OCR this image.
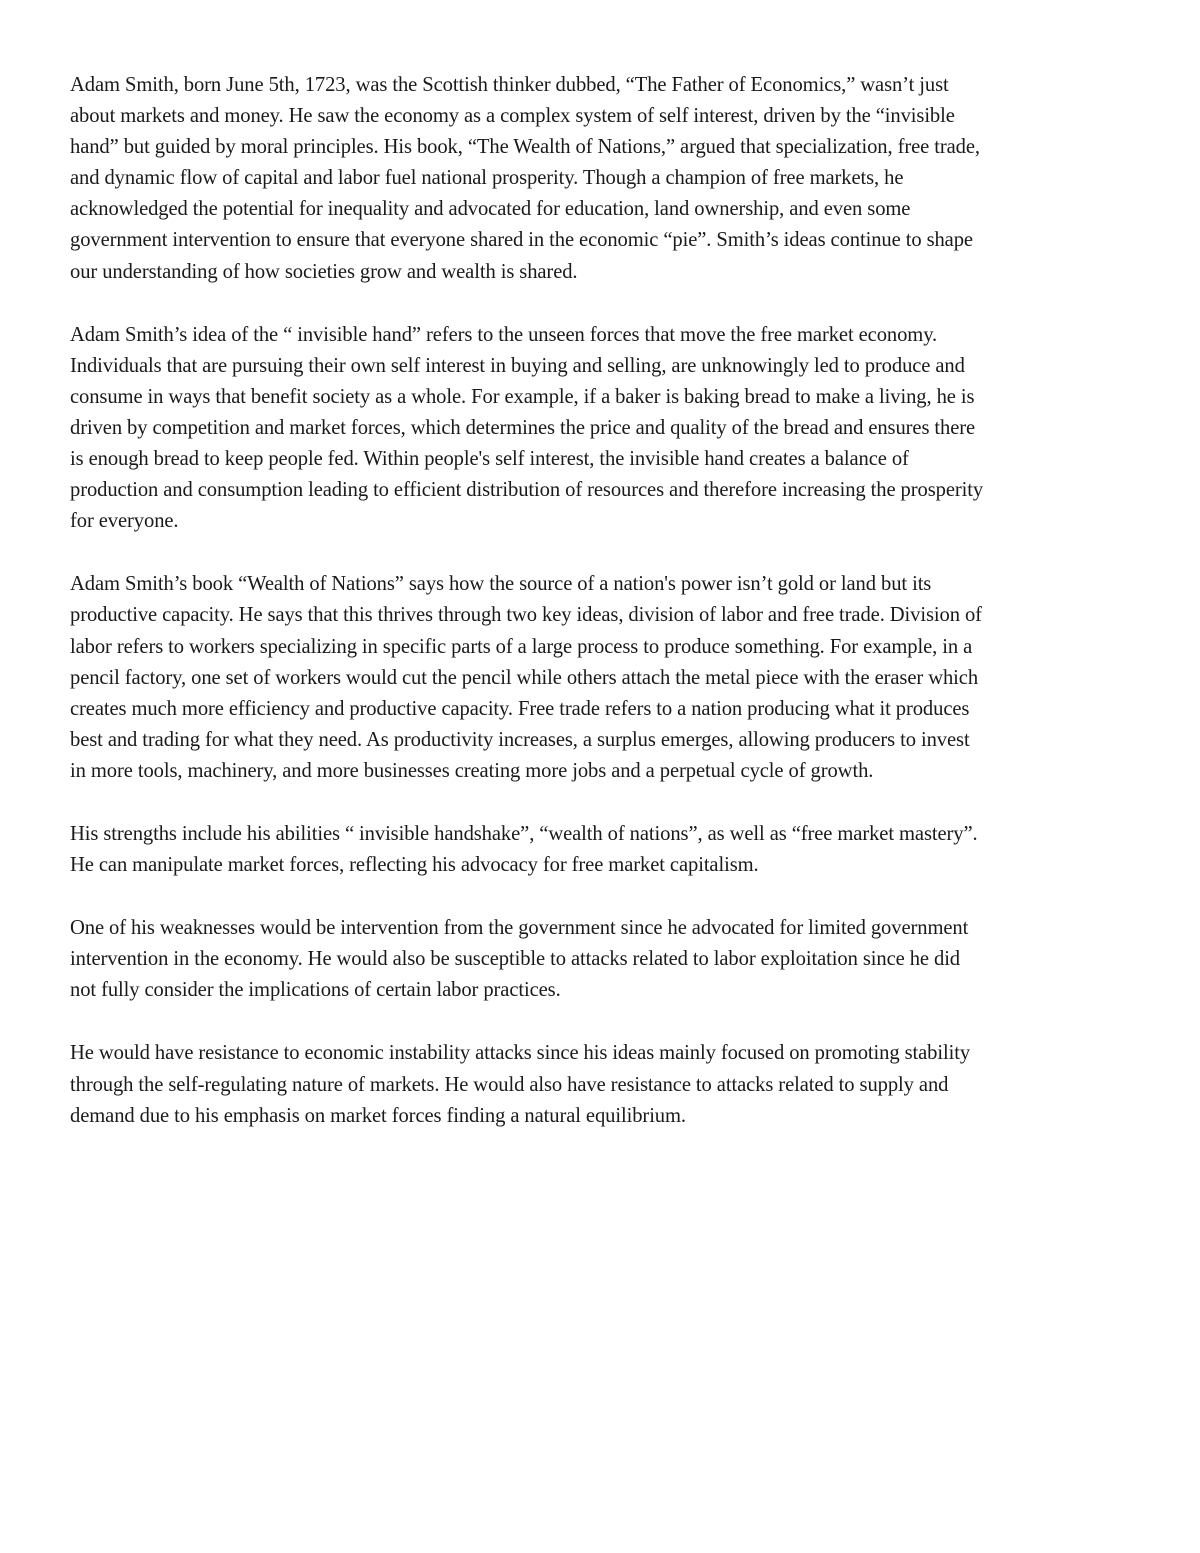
Adam Smith, born June 5th, 1723, was the Scottish thinker dubbed, “The Father of Economics,” wasn’t just
about markets and money. He saw the economy as a complex system of self interest, driven by the “invisible
hand” but guided by moral principles. His book, “The Wealth of Nations,” argued that specialization, free trade,
and dynamic flow of capital and labor fuel national prosperity. Though a champion of free markets, he
acknowledged the potential for inequality and advocated for education, land ownership, and even some
government intervention to ensure that everyone shared in the economic “pie”. Smith’s ideas continue to shape
our understanding of how societies grow and wealth is shared.

Adam Smith’s idea of the “ invisible hand” refers to the unseen forces that move the free market economy.
Individuals that are pursuing their own self interest in buying and selling, are unknowingly led to produce and
consume in ways that benefit society as a whole. For example, if a baker is baking bread to make a living, he is
driven by competition and market forces, which determines the price and quality of the bread and ensures there
is enough bread to keep people fed. Within people's self interest, the invisible hand creates a balance of
production and consumption leading to efficient distribution of resources and therefore increasing the prosperity
for everyone.

Adam Smith’s book “Wealth of Nations” says how the source of a nation's power isn’t gold or land but its
productive capacity. He says that this thrives through two key ideas, division of labor and free trade. Division of
labor refers to workers specializing in specific parts of a large process to produce something. For example, in a
pencil factory, one set of workers would cut the pencil while others attach the metal piece with the eraser which
creates much more efficiency and productive capacity. Free trade refers to a nation producing what it produces
best and trading for what they need. As productivity increases, a surplus emerges, allowing producers to invest
in more tools, machinery, and more businesses creating more jobs and a perpetual cycle of growth.

His strengths include his abilities “ invisible handshake”, “wealth of nations”, as well as “free market mastery”.
He can manipulate market forces, reflecting his advocacy for free market capitalism.

One of his weaknesses would be intervention from the government since he advocated for limited government
intervention in the economy. He would also be susceptible to attacks related to labor exploitation since he did
not fully consider the implications of certain labor practices.

He would have resistance to economic instability attacks since his ideas mainly focused on promoting stability
through the self-regulating nature of markets. He would also have resistance to attacks related to supply and
demand due to his emphasis on market forces finding a natural equilibrium.
